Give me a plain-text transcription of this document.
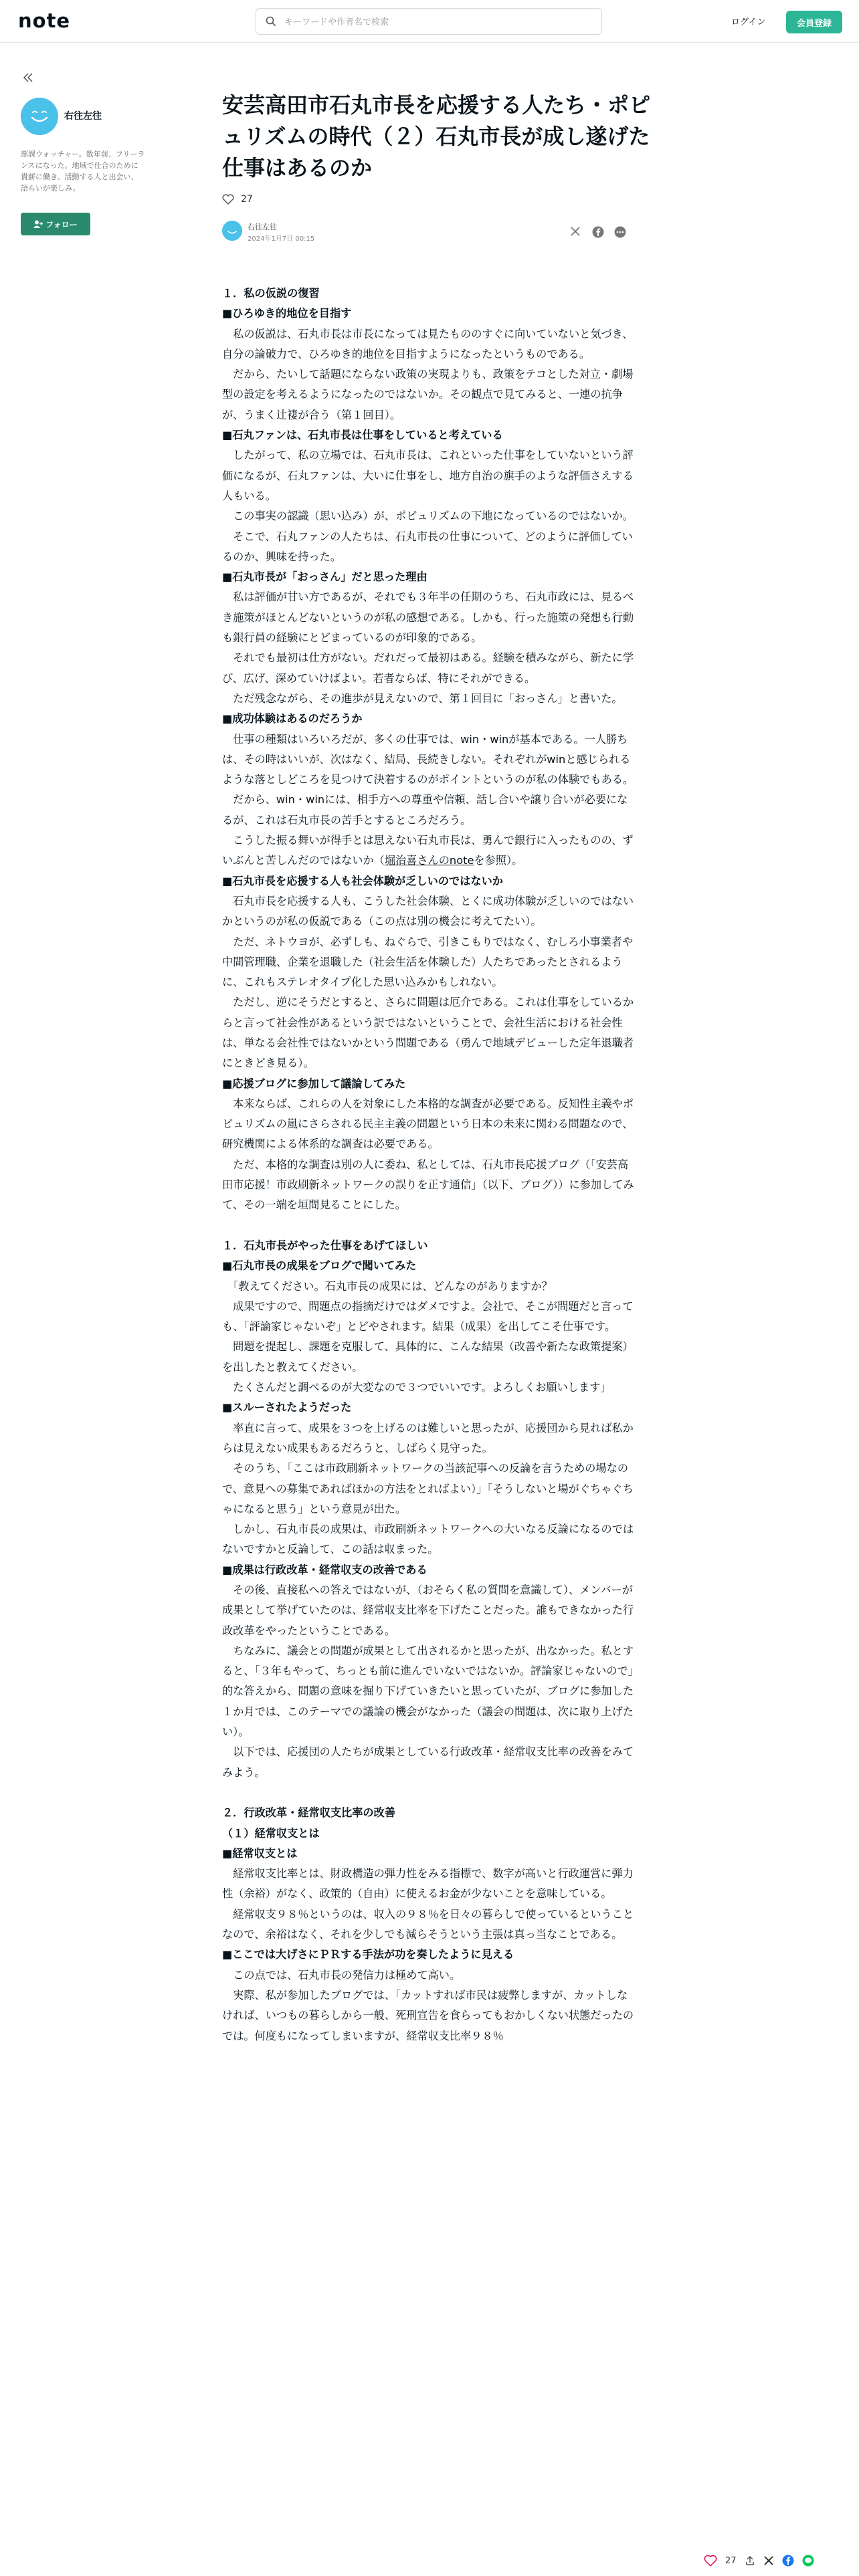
note
キーワードや作者名で検索	ログイン	会員登録
右往左往
部課ウォッチャー。数年前、フリーランスになった。地域で仕合のために貴薪に働き、活動する人と出会い、語らいが楽しみ。
フォロー
安芸高田市石丸市長を応援する人たち・ポピュリズムの時代（２）石丸市長が成し遂げた仕事はあるのか
27
右往左往
2024年1月7日 00:15

１．私の仮説の復習

■ひろゆき的地位を目指す

　私の仮説は、石丸市長は市長になっては見たもののすぐに向いていないと気づき、自分の論破力で、ひろゆき的地位を目指すようになったというものである。

　だから、たいして話題にならない政策の実現よりも、政策をテコとした対立・劇場型の設定を考えるようになったのではないか。その観点で見てみると、一連の抗争が、うまく辻褄が合う（第１回目）。

■石丸ファンは、石丸市長は仕事をしていると考えている

　したがって、私の立場では、石丸市長は、これといった仕事をしていないという評価になるが、石丸ファンは、大いに仕事をし、地方自治の旗手のような評価さえする人もいる。

　この事実の認識（思い込み）が、ポピュリズムの下地になっているのではないか。

　そこで、石丸ファンの人たちは、石丸市長の仕事について、どのように評価しているのか、興味を持った。

■石丸市長が「おっさん」だと思った理由

　私は評価が甘い方であるが、それでも３年半の任期のうち、石丸市政には、見るべき施策がほとんどないというのが私の感想である。しかも、行った施策の発想も行動も銀行員の経験にとどまっているのが印象的である。

　それでも最初は仕方がない。だれだって最初はある。経験を積みながら、新たに学び、広げ、深めていけばよい。若者ならば、特にそれができる。

　ただ残念ながら、その進歩が見えないので、第１回目に「おっさん」と書いた。

■成功体験はあるのだろうか

　仕事の種類はいろいろだが、多くの仕事では、win・winが基本である。一人勝ちは、その時はいいが、次はなく、結局、長続きしない。それぞれがwinと感じられるような落としどころを見つけて決着するのがポイントというのが私の体験でもある。

　だから、win・winには、相手方への尊重や信頼、話し合いや譲り合いが必要になるが、これは石丸市長の苦手とするところだろう。

　こうした振る舞いが得手とは思えない石丸市長は、勇んで銀行に入ったものの、ずいぶんと苦しんだのではないか（堀治喜さんのnoteを参照）。

■石丸市長を応援する人も社会体験が乏しいのではないか

　石丸市長を応援する人も、こうした社会体験、とくに成功体験が乏しいのではないかというのが私の仮説である（この点は別の機会に考えてたい）。

　ただ、ネトウヨが、必ずしも、ねぐらで、引きこもりではなく、むしろ小事業者や中間管理職、企業を退職した（社会生活を体験した）人たちであったとされるように、これもステレオタイプ化した思い込みかもしれない。

　ただし、逆にそうだとすると、さらに問題は厄介である。これは仕事をしているからと言って社会性があるという訳ではないということで、会社生活における社会性は、単なる会社性ではないかという問題である（勇んで地域デビューした定年退職者にときどき見る）。

■応援ブログに参加して議論してみた

　本来ならば、これらの人を対象にした本格的な調査が必要である。反知性主義やポピュリズムの嵐にさらされる民主主義の問題という日本の未来に関わる問題なので、研究機関による体系的な調査は必要である。

　ただ、本格的な調査は別の人に委ね、私としては、石丸市長応援ブログ（「安芸高田市応援！市政刷新ネットワークの誤りを正す通信」（以下、ブログ））に参加してみて、その一端を垣間見ることにした。

１．石丸市長がやった仕事をあげてほしい

■石丸市長の成果をブログで聞いてみた

　「教えてください。石丸市長の成果には、どんなのがありますか？

　成果ですので、問題点の指摘だけではダメですよ。会社で、そこが問題だと言っても、「評論家じゃないぞ」とどやされます。結果（成果）を出してこそ仕事です。

　問題を提起し、課題を克服して、具体的に、こんな結果（改善や新たな政策提案）を出したと教えてください。

　たくさんだと調べるのが大変なので３つでいいです。よろしくお願いします」

■スルーされたようだった

　率直に言って、成果を３つを上げるのは難しいと思ったが、応援団から見れば私からは見えない成果もあるだろうと、しばらく見守った。

　そのうち、「ここは市政刷新ネットワークの当該記事への反論を言うための場なので、意見への募集であればほかの方法をとればよい）」「そうしないと場がぐちゃぐちゃになると思う」という意見が出た。

　しかし、石丸市長の成果は、市政刷新ネットワークへの大いなる反論になるのではないですかと反論して、この話は収まった。

■成果は行政改革・経常収支の改善である

　その後、直接私への答えではないが、（おそらく私の質問を意識して）、メンバーが成果として挙げていたのは、経常収支比率を下げたことだった。誰もできなかった行政改革をやったということである。

　ちなみに、議会との問題が成果として出されるかと思ったが、出なかった。私とすると、「３年もやって、ちっとも前に進んでいないではないか。評論家じゃないので」的な答えから、問題の意味を掘り下げていきたいと思っていたが、ブログに参加した１か月では、このテーマでの議論の機会がなかった（議会の問題は、次に取り上げたい）。

　以下では、応援団の人たちが成果としている行政改革・経常収支比率の改善をみてみよう。

２．行政改革・経常収支比率の改善

（１）経常収支とは

■経常収支とは

　経常収支比率とは、財政構造の弾力性をみる指標で、数字が高いと行政運営に弾力性（余裕）がなく、政策的（自由）に使えるお金が少ないことを意味している。

　経常収支９８％というのは、収入の９８％を日々の暮らしで使っているということなので、余裕はなく、それを少しでも減らそうという主張は真っ当なことである。

■ここでは大げさにＰＲする手法が功を奏したように見える

　この点では、石丸市長の発信力は極めて高い。

　実際、私が参加したブログでは、「カットすれば市民は疲弊しますが、カットしなければ、いつもの暮らしから一般、死刑宣告を食らってもおかしくない状態だったのでは。何度もになってしまいますが、経常収支比率９８％

27
